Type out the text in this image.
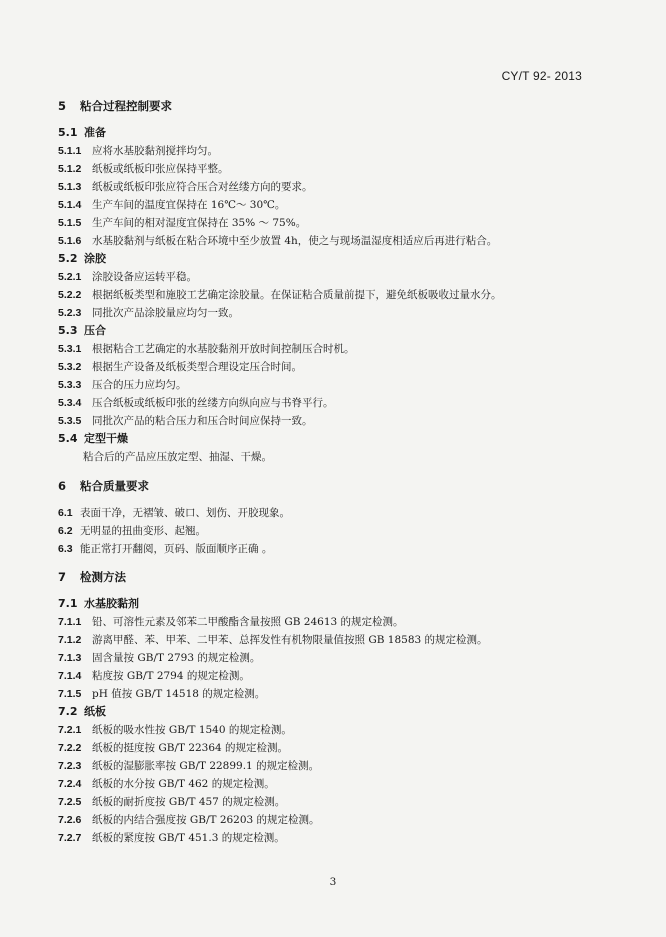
CY/T 92- 2013
5 粘合过程控制要求
5.1 准备
5.1.1 应将水基胶黏剂搅拌均匀。
5.1.2 纸板或纸板印张应保持平整。
5.1.3 纸板或纸板印张应符合压合对丝缕方向的要求。
5.1.4 生产车间的温度宜保持在 16℃～ 30℃。
5.1.5 生产车间的相对湿度宜保持在 35% ～ 75%。
5.1.6 水基胶黏剂与纸板在粘合环境中至少放置 4h，使之与现场温湿度相适应后再进行粘合。
5.2 涂胶
5.2.1 涂胶设备应运转平稳。
5.2.2 根据纸板类型和施胶工艺确定涂胶量。在保证粘合质量前提下，避免纸板吸收过量水分。
5.2.3 同批次产品涂胶量应均匀一致。
5.3 压合
5.3.1 根据粘合工艺确定的水基胶黏剂开放时间控制压合时机。
5.3.2 根据生产设备及纸板类型合理设定压合时间。
5.3.3 压合的压力应均匀。
5.3.4 压合纸板或纸板印张的丝缕方向纵向应与书脊平行。
5.3.5 同批次产品的粘合压力和压合时间应保持一致。
5.4 定型干燥
粘合后的产品应压放定型、抽湿、干燥。
6 粘合质量要求
6.1 表面干净，无褶皱、破口、划伤、开胶现象。
6.2 无明显的扭曲变形、起翘。
6.3 能正常打开翻阅，页码、版面顺序正确 。
7 检测方法
7.1 水基胶黏剂
7.1.1 铅、可溶性元素及邻苯二甲酸酯含量按照 GB 24613 的规定检测。
7.1.2 游离甲醛、苯、甲苯、二甲苯、总挥发性有机物限量值按照 GB 18583 的规定检测。
7.1.3 固含量按 GB/T 2793 的规定检测。
7.1.4 粘度按 GB/T 2794 的规定检测。
7.1.5 pH 值按 GB/T 14518 的规定检测。
7.2 纸板
7.2.1 纸板的吸水性按 GB/T 1540 的规定检测。
7.2.2 纸板的挺度按 GB/T 22364 的规定检测。
7.2.3 纸板的湿膨胀率按 GB/T 22899.1 的规定检测。
7.2.4 纸板的水分按 GB/T 462 的规定检测。
7.2.5 纸板的耐折度按 GB/T 457 的规定检测。
7.2.6 纸板的内结合强度按 GB/T 26203 的规定检测。
7.2.7 纸板的紧度按 GB/T 451.3 的规定检测。
3
